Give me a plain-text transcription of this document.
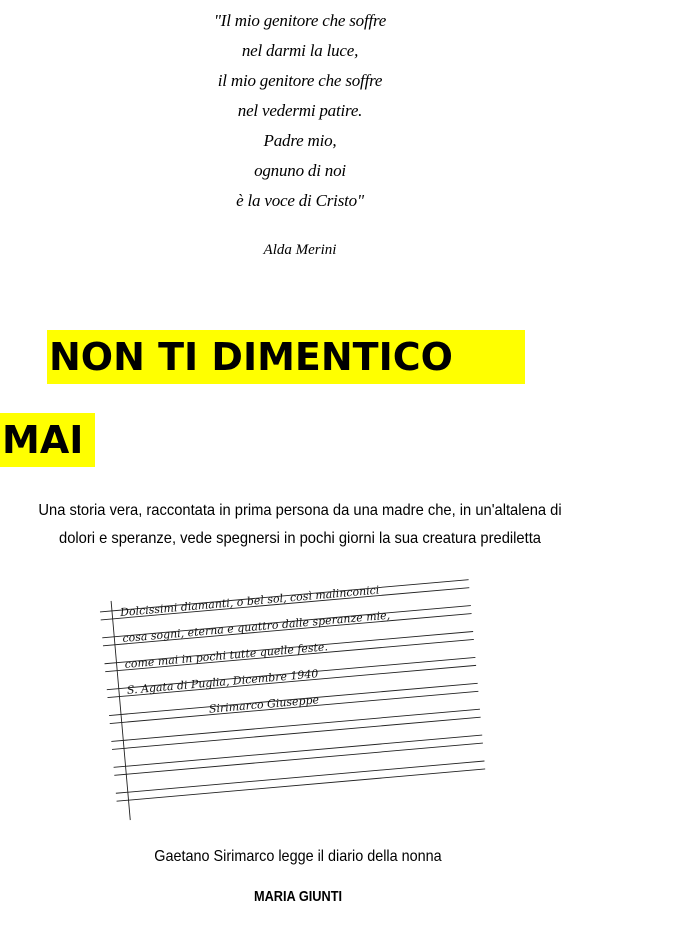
"Il mio genitore che soffre
nel darmi la luce,
il mio genitore che soffre
nel vedermi patire.
Padre mio,
ognuno di noi
è la voce di Cristo"
Alda Merini
NON TI DIMENTICO
MAI
Una storia vera, raccontata in prima persona da una madre che, in un'altalena di
dolori e speranze, vede spegnersi in pochi giorni la sua creatura prediletta
Dolcissimi diamanti, o bel sol, così malinconici
cosa sogni, eterna e quattro dalle speranze mie,
come mai in pochi tutte quelle feste.
S. Agata di Puglia, Dicembre 1940
Sirimarco Giuseppe
Gaetano Sirimarco legge il diario della nonna
MARIA GIUNTI
